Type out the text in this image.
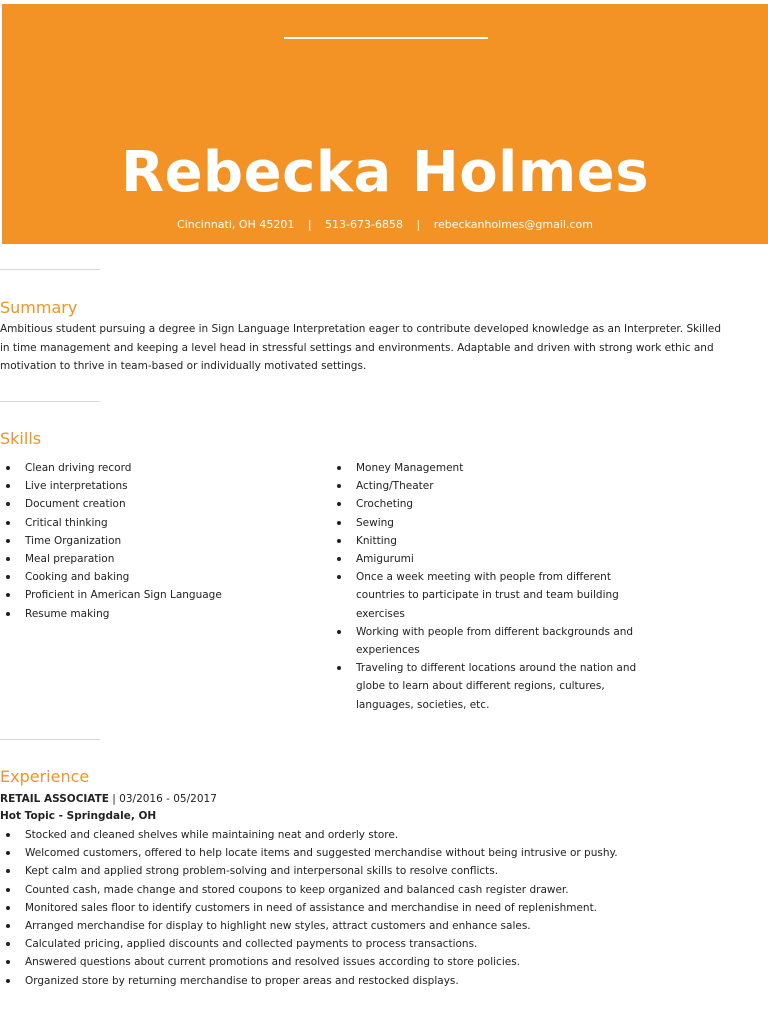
Rebecka Holmes
Cincinnati, OH 45201 | 513-673-6858 | rebeckanholmes@gmail.com
Summary
Ambitious student pursuing a degree in Sign Language Interpretation eager to contribute developed knowledge as an Interpreter. Skilled in time management and keeping a level head in stressful settings and environments. Adaptable and driven with strong work ethic and motivation to thrive in team-based or individually motivated settings.
Skills
Clean driving record
Live interpretations
Document creation
Critical thinking
Time Organization
Meal preparation
Cooking and baking
Proficient in American Sign Language
Resume making
Money Management
Acting/Theater
Crocheting
Sewing
Knitting
Amigurumi
Once a week meeting with people from different countries to participate in trust and team building exercises
Working with people from different backgrounds and experiences
Traveling to different locations around the nation and globe to learn about different regions, cultures, languages, societies, etc.
Experience
RETAIL ASSOCIATE | 03/2016 - 05/2017
Hot Topic - Springdale, OH
Stocked and cleaned shelves while maintaining neat and orderly store.
Welcomed customers, offered to help locate items and suggested merchandise without being intrusive or pushy.
Kept calm and applied strong problem-solving and interpersonal skills to resolve conflicts.
Counted cash, made change and stored coupons to keep organized and balanced cash register drawer.
Monitored sales floor to identify customers in need of assistance and merchandise in need of replenishment.
Arranged merchandise for display to highlight new styles, attract customers and enhance sales.
Calculated pricing, applied discounts and collected payments to process transactions.
Answered questions about current promotions and resolved issues according to store policies.
Organized store by returning merchandise to proper areas and restocked displays.
